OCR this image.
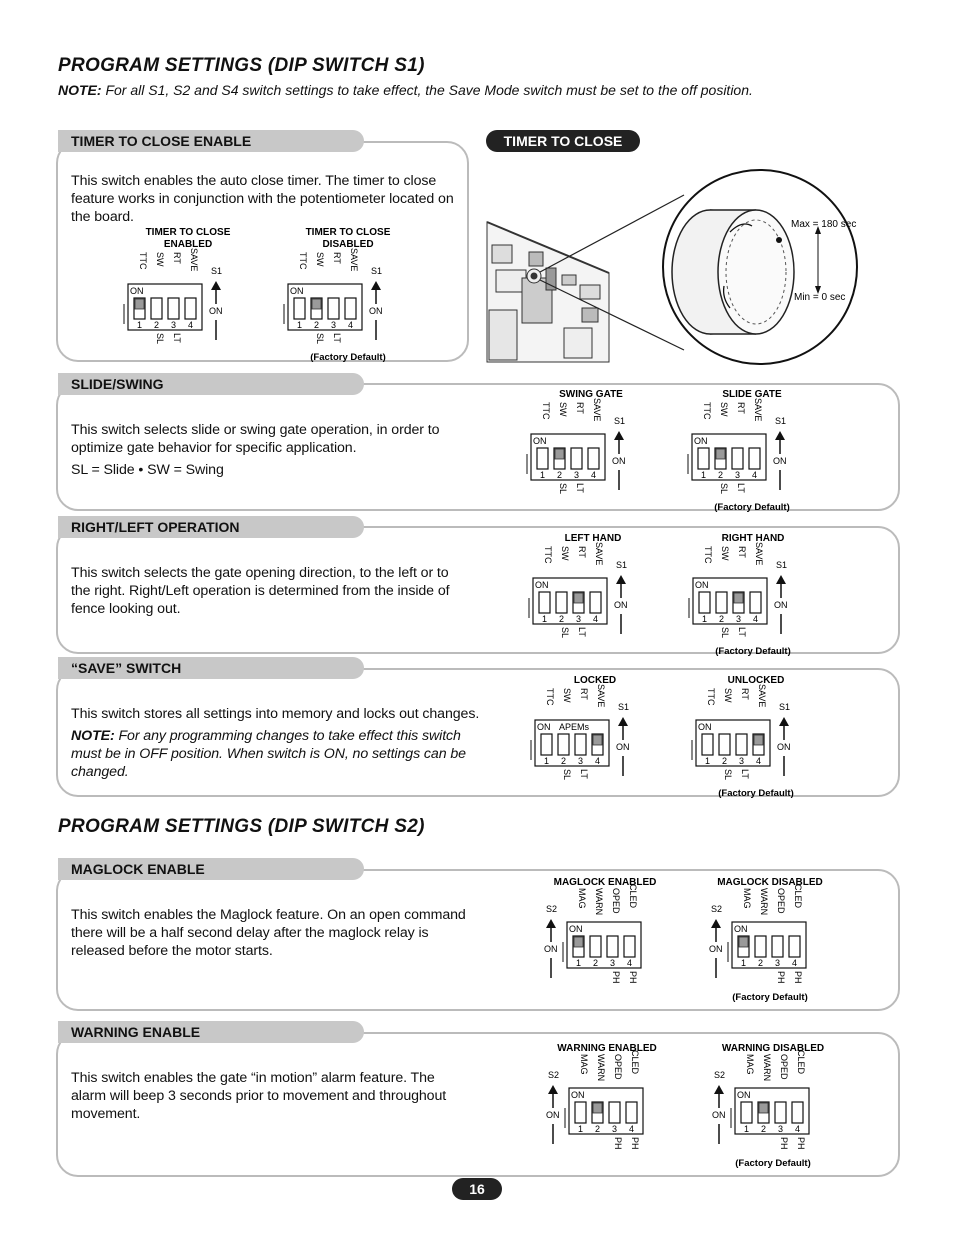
PROGRAM SETTINGS (DIP SWITCH S1)
NOTE: For all S1, S2 and S4 switch settings to take effect, the Save Mode switch must be set to the off position.
TIMER TO CLOSE ENABLE
This switch enables the auto close timer. The timer to close feature works in conjunction with the potentiometer located on the board.
TIMER TO CLOSE
Max = 180 sec
Min = 0 sec
SLIDE/SWING
This switch selects slide or swing gate operation, in order to optimize gate behavior for specific application.
SL = Slide • SW = Swing
RIGHT/LEFT OPERATION
This switch selects the gate opening direction, to the left or to the right. Right/Left operation is determined from the inside of fence looking out.
“SAVE” SWITCH
This switch stores all settings into memory and locks out changes.
NOTE: For any programming changes to take effect this switch must be in OFF position. When switch is ON, no settings can be changed.
PROGRAM SETTINGS (DIP SWITCH S2)
MAGLOCK ENABLE
This switch enables the Maglock feature. On an open command there will be a half second delay after the maglock relay is released before the motor starts.
WARNING ENABLE
This switch enables the gate “in motion” alarm feature. The alarm will beep 3 seconds prior to movement and throughout movement.
16
TIMER TO CLOSE
ENABLED
TTC SW RT SAVE
ON
1 2 3 4
SL LT
S1
ON
TIMER TO CLOSE
DISABLED
TTC SW RT SAVE
ON
1 2 3 4
SL LT
S1
ON
(Factory Default)
SWING GATE
TTC SW RT SAVE
ON
1 2 3 4
SL LT
S1
ON
SLIDE GATE
TTC SW RT SAVE
ON
1 2 3 4
SL LT
S1
ON
(Factory Default)
LEFT HAND
TTC SW RT SAVE
ON
1 2 3 4
SL LT
S1
ON
RIGHT HAND
TTC SW RT SAVE
ON
1 2 3 4
SL LT
S1
ON
(Factory Default)
LOCKED
TTC SW RT SAVE
ON APEMs
1 2 3 4
SL LT
S1
ON
UNLOCKED
TTC SW RT SAVE
ON
1 2 3 4
SL LT
S1
ON
(Factory Default)
MAGLOCK ENABLED
MAG WARN OPED CLED
ON
1 2 3 4
PH PH
S2
ON
MAGLOCK DISABLED
MAG WARN OPED CLED
ON
1 2 3 4
PH PH
S2
ON
(Factory Default)
WARNING ENABLED
MAG WARN OPED CLED
ON
1 2 3 4
PH PH
S2
ON
WARNING DISABLED
MAG WARN OPED CLED
ON
1 2 3 4
PH PH
S2
ON
(Factory Default)
